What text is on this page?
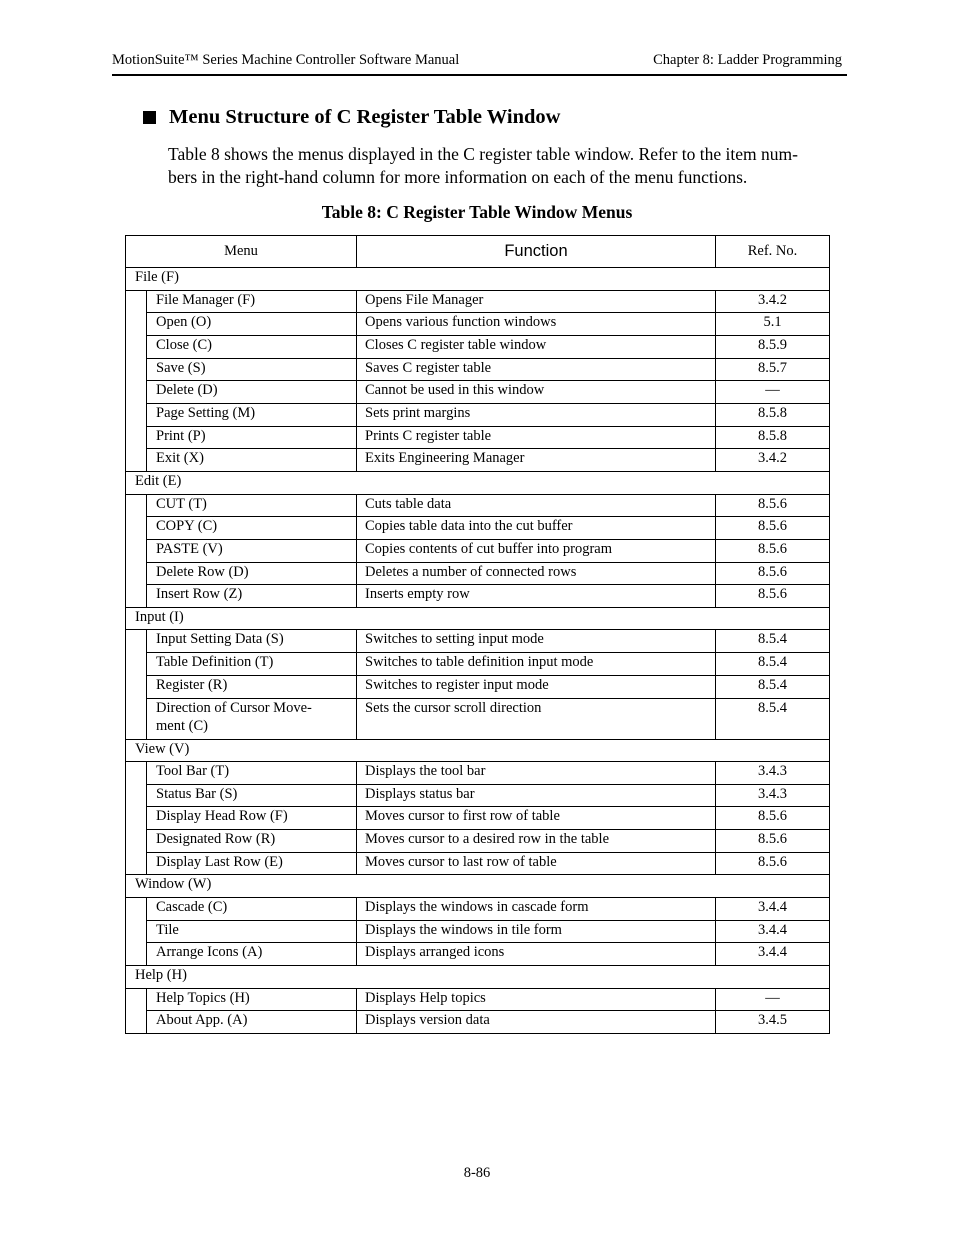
MotionSuite™ Series Machine Controller Software Manual	Chapter 8: Ladder Programming
Menu Structure of C Register Table Window
Table 8 shows the menus displayed in the C register table window. Refer to the item num-
bers in the right-hand column for more information on each of the menu functions.
Table 8: C Register Table Window Menus
Menu		Function	Ref. No.
File (F)			
	File Manager (F)	Opens File Manager	3.4.2
	Open (O)	Opens various function windows	5.1
	Close (C)	Closes C register table window	8.5.9
	Save (S)	Saves C register table	8.5.7
	Delete (D)	Cannot be used in this window	—
	Page Setting (M)	Sets print margins	8.5.8
	Print (P)	Prints C register table	8.5.8
	Exit (X)	Exits Engineering Manager	3.4.2
Edit (E)			
	CUT (T)	Cuts table data	8.5.6
	COPY (C)	Copies table data into the cut buffer	8.5.6
	PASTE (V)	Copies contents of cut buffer into program	8.5.6
	Delete Row (D)	Deletes a number of connected rows	8.5.6
	Insert Row (Z)	Inserts empty row	8.5.6
Input (I)			
	Input Setting Data (S)	Switches to setting input mode	8.5.4
	Table Definition (T)	Switches to table definition input mode	8.5.4
	Register (R)	Switches to register input mode	8.5.4
	Direction of Cursor Move-
ment (C)	Sets the cursor scroll direction	8.5.4
View (V)			
	Tool Bar (T)	Displays the tool bar	3.4.3
	Status Bar (S)	Displays status bar	3.4.3
	Display Head Row (F)	Moves cursor to first row of table	8.5.6
	Designated Row (R)	Moves cursor to a desired row in the table	8.5.6
	Display Last Row (E)	Moves cursor to last row of table	8.5.6
Window (W)			
	Cascade (C)	Displays the windows in cascade form	3.4.4
	Tile	Displays the windows in tile form	3.4.4
	Arrange Icons (A)	Displays arranged icons	3.4.4
Help (H)			
	Help Topics (H)	Displays Help topics	—
	About App. (A)	Displays version data	3.4.5
8-86
